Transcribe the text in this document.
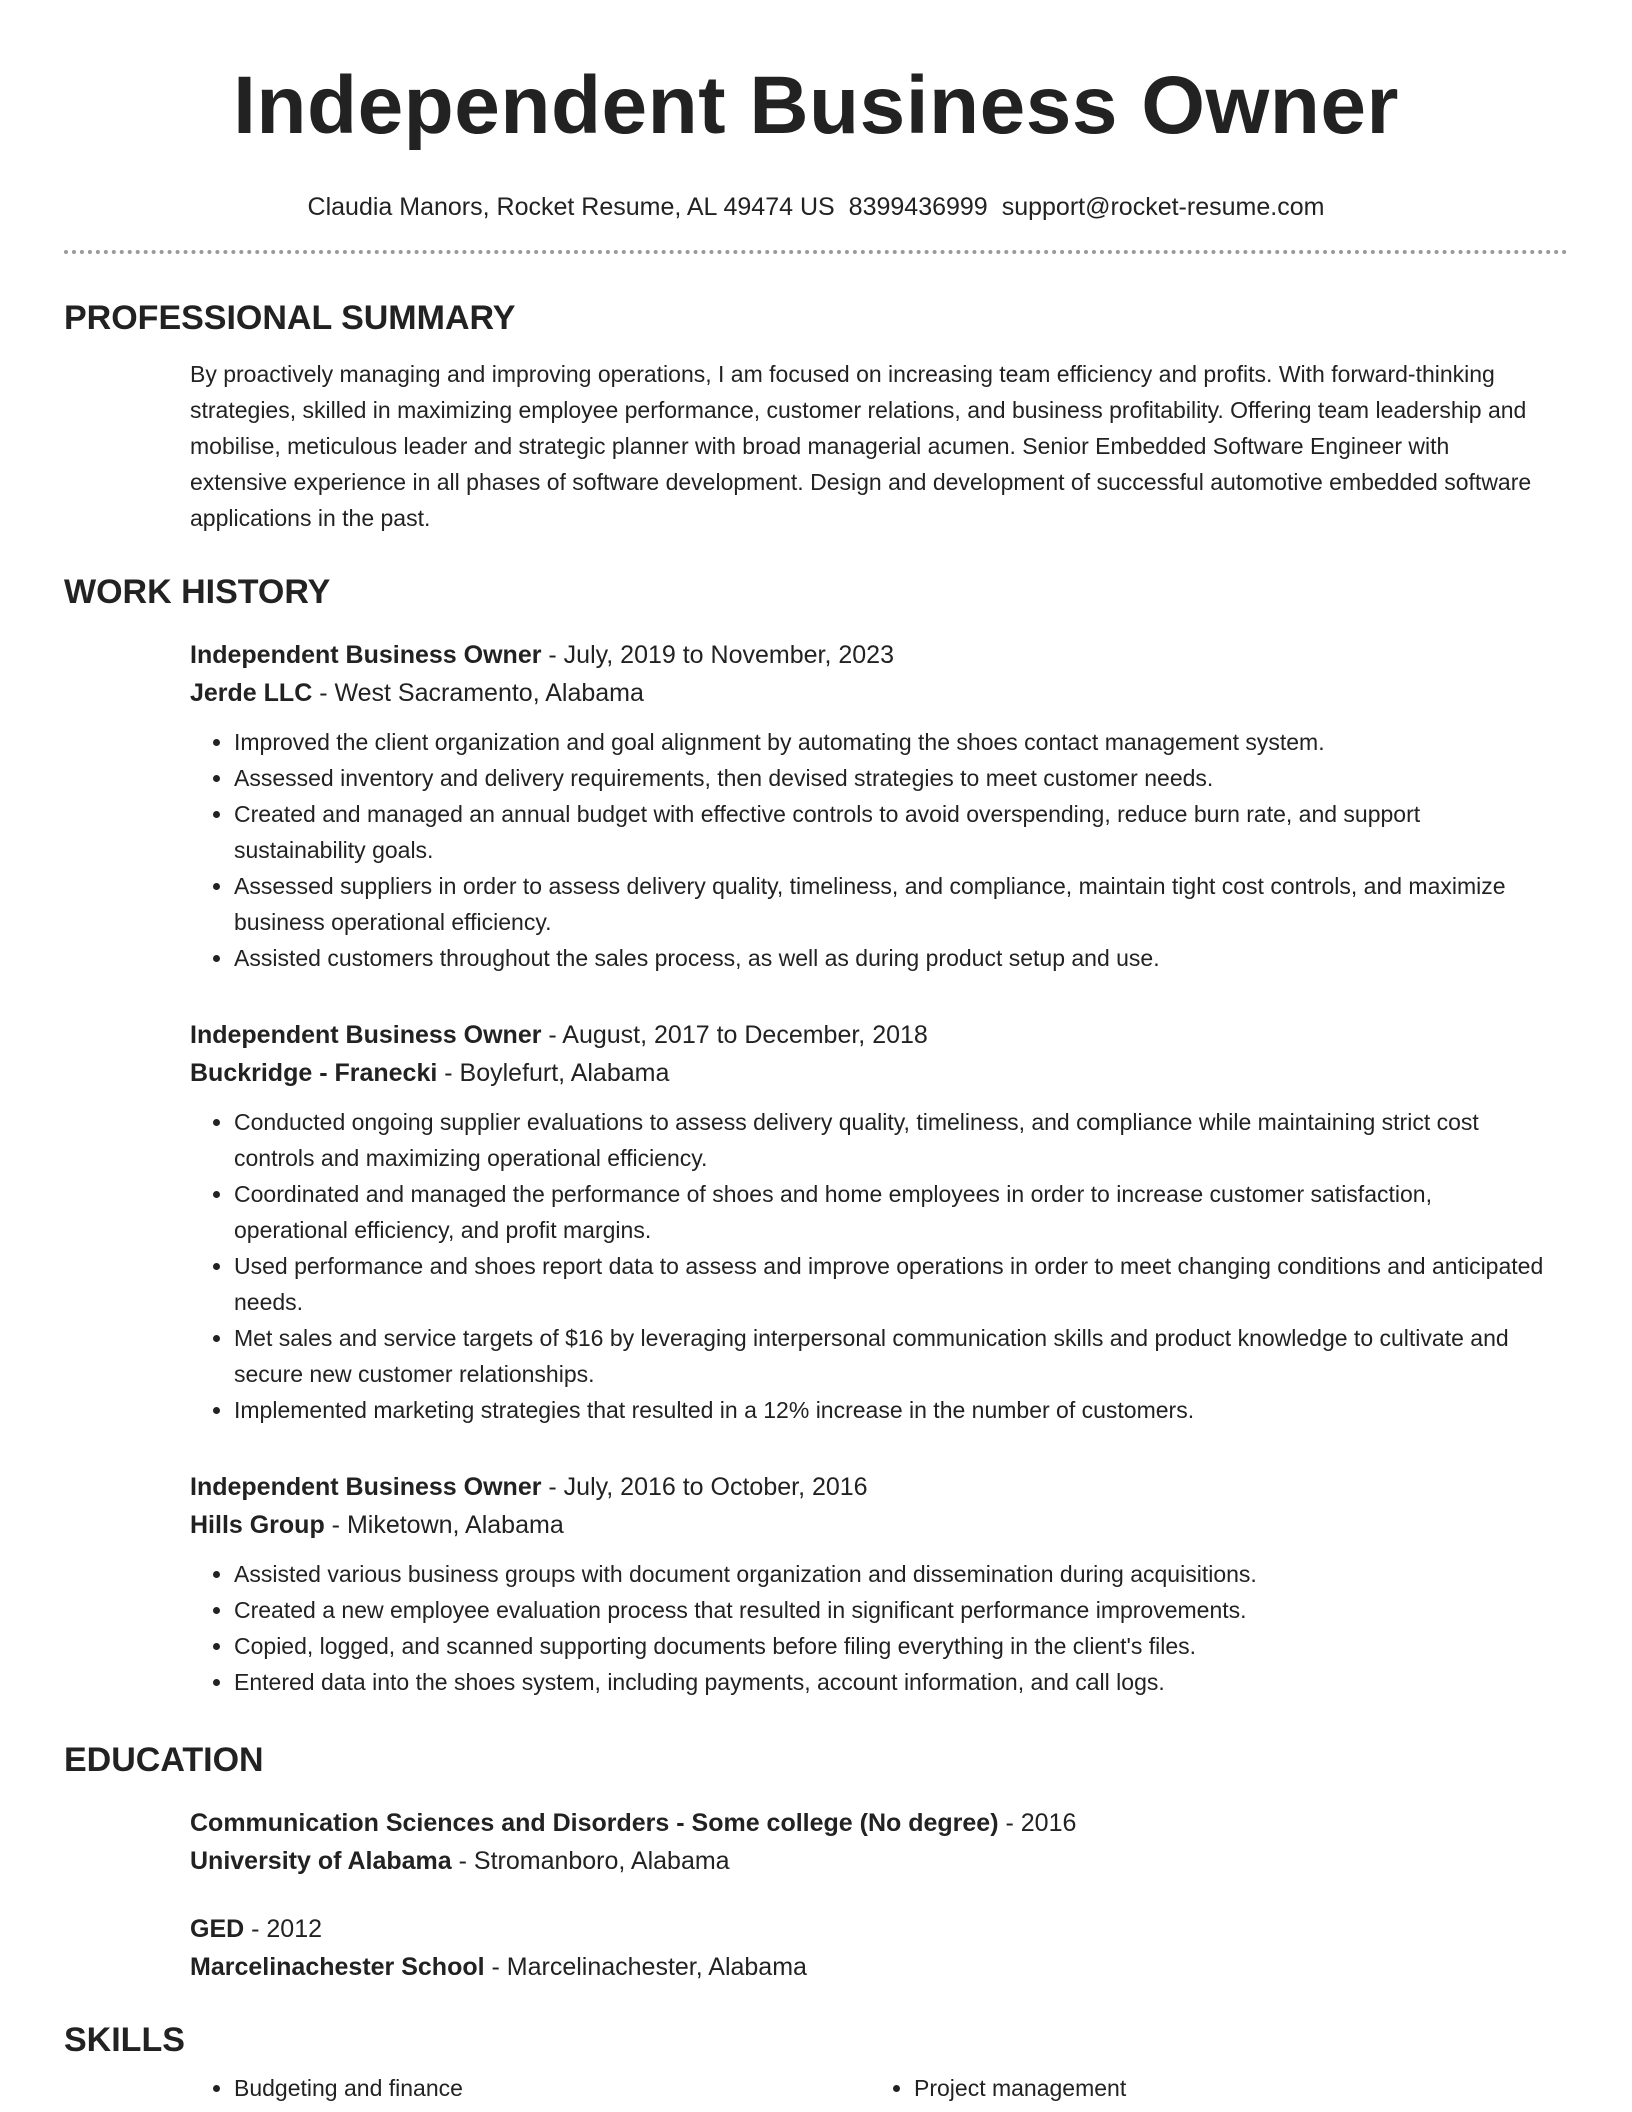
Independent Business Owner
Claudia Manors, Rocket Resume, AL 49474 US 8399436999 support@rocket-resume.com
PROFESSIONAL SUMMARY

By proactively managing and improving operations, I am focused on increasing team efficiency and profits. With forward-thinking strategies, skilled in maximizing employee performance, customer relations, and business profitability. Offering team leadership and mobilise, meticulous leader and strategic planner with broad managerial acumen. Senior Embedded Software Engineer with extensive experience in all phases of software development. Design and development of successful automotive embedded software applications in the past.

WORK HISTORY

Independent Business Owner - July, 2019 to November, 2023

Jerde LLC - West Sacramento, Alabama

• Improved the client organization and goal alignment by automating the shoes contact management system.
• Assessed inventory and delivery requirements, then devised strategies to meet customer needs.
• Created and managed an annual budget with effective controls to avoid overspending, reduce burn rate, and support sustainability goals.
• Assessed suppliers in order to assess delivery quality, timeliness, and compliance, maintain tight cost controls, and maximize business operational efficiency.
• Assisted customers throughout the sales process, as well as during product setup and use.

Independent Business Owner - August, 2017 to December, 2018

Buckridge - Franecki - Boylefurt, Alabama

• Conducted ongoing supplier evaluations to assess delivery quality, timeliness, and compliance while maintaining strict cost controls and maximizing operational efficiency.
• Coordinated and managed the performance of shoes and home employees in order to increase customer satisfaction, operational efficiency, and profit margins.
• Used performance and shoes report data to assess and improve operations in order to meet changing conditions and anticipated needs.
• Met sales and service targets of $16 by leveraging interpersonal communication skills and product knowledge to cultivate and secure new customer relationships.
• Implemented marketing strategies that resulted in a 12% increase in the number of customers.

Independent Business Owner - July, 2016 to October, 2016

Hills Group - Miketown, Alabama

• Assisted various business groups with document organization and dissemination during acquisitions.
• Created a new employee evaluation process that resulted in significant performance improvements.
• Copied, logged, and scanned supporting documents before filing everything in the client's files.
• Entered data into the shoes system, including payments, account information, and call logs.
EDUCATION

Communication Sciences and Disorders - Some college (No degree) - 2016

University of Alabama - Stromanboro, Alabama

GED - 2012

Marcelinachester School - Marcelinachester, Alabama

SKILLS
• Budgeting and finance
•	Project management
